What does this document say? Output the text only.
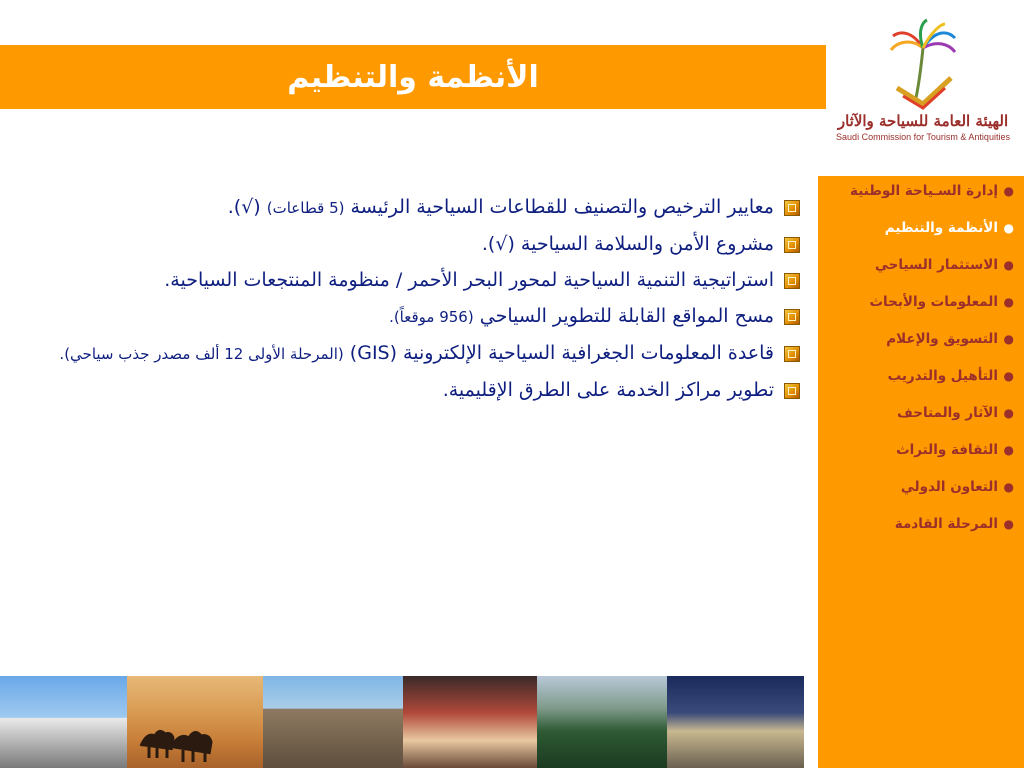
الأنظمة والتنظيم
الهيئة العامة للسياحة والآثار
Saudi Commission for Tourism & Antiquities
●
إدارة السـياحة الوطنية
●
الأنظمة والتنظيم
●
الاستثمار السياحي
●
المعلومات والأبحاث
●
التسويق والإعلام
●
التأهيل والتدريب
●
الآثار والمتاحف
●
الثقافة والتراث
●
التعاون الدولي
●
المرحلة القادمة
معايير الترخيص والتصنيف للقطاعات السياحية الرئيسة (5 قطاعات) (√).
مشروع الأمن والسلامة السياحية (√).
استراتيجية التنمية السياحية لمحور البحر الأحمر / منظومة المنتجعات السياحية.
مسح المواقع القابلة للتطوير السياحي (956 موقعاً).
قاعدة المعلومات الجغرافية السياحية الإلكترونية (GIS) (المرحلة الأولى 12 ألف مصدر جذب سياحي).
تطوير مراكز الخدمة على الطرق الإقليمية.
